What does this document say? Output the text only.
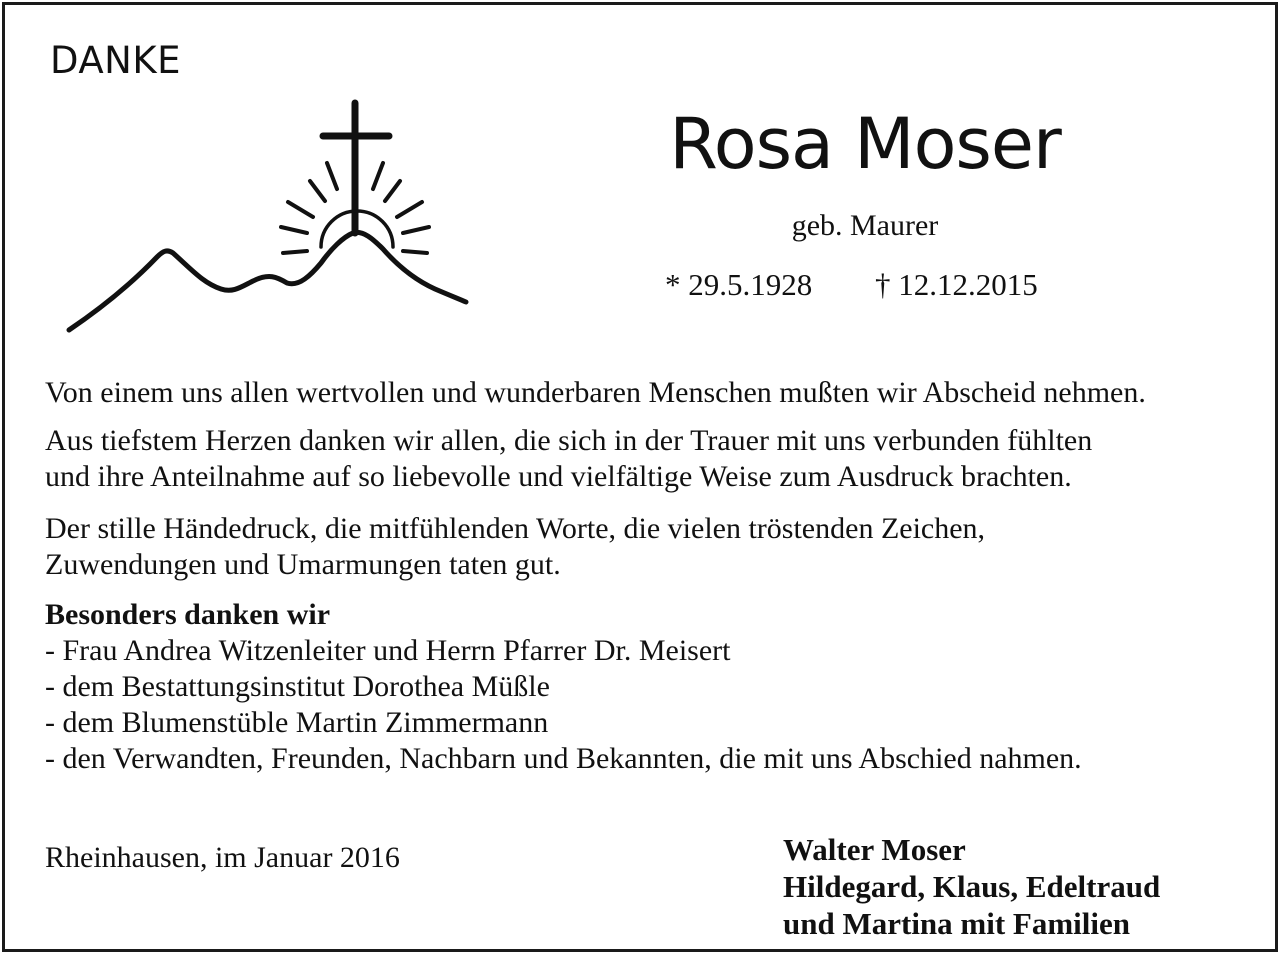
DANKE
Rosa Moser
geb. Maurer
* 29.5.1928 † 12.12.2015

Von einem uns allen wertvollen und wunderbaren Menschen mußten wir Abscheid nehmen.

Aus tiefstem Herzen danken wir allen, die sich in der Trauer mit uns verbunden fühlten

und ihre Anteilnahme auf so liebevolle und vielfältige Weise zum Ausdruck brachten.

Der stille Händedruck, die mitfühlenden Worte, die vielen tröstenden Zeichen,

Zuwendungen und Umarmungen taten gut.

Besonders danken wir

- Frau Andrea Witzenleiter und Herrn Pfarrer Dr. Meisert
- dem Bestattungsinstitut Dorothea Müßle
- dem Blumenstüble Martin Zimmermann
- den Verwandten, Freunden, Nachbarn und Bekannten, die mit uns Abschied nahmen.
Rheinhausen, im Januar 2016	Walter Moser
Hildegard, Klaus, Edeltraud
und Martina mit Familien
